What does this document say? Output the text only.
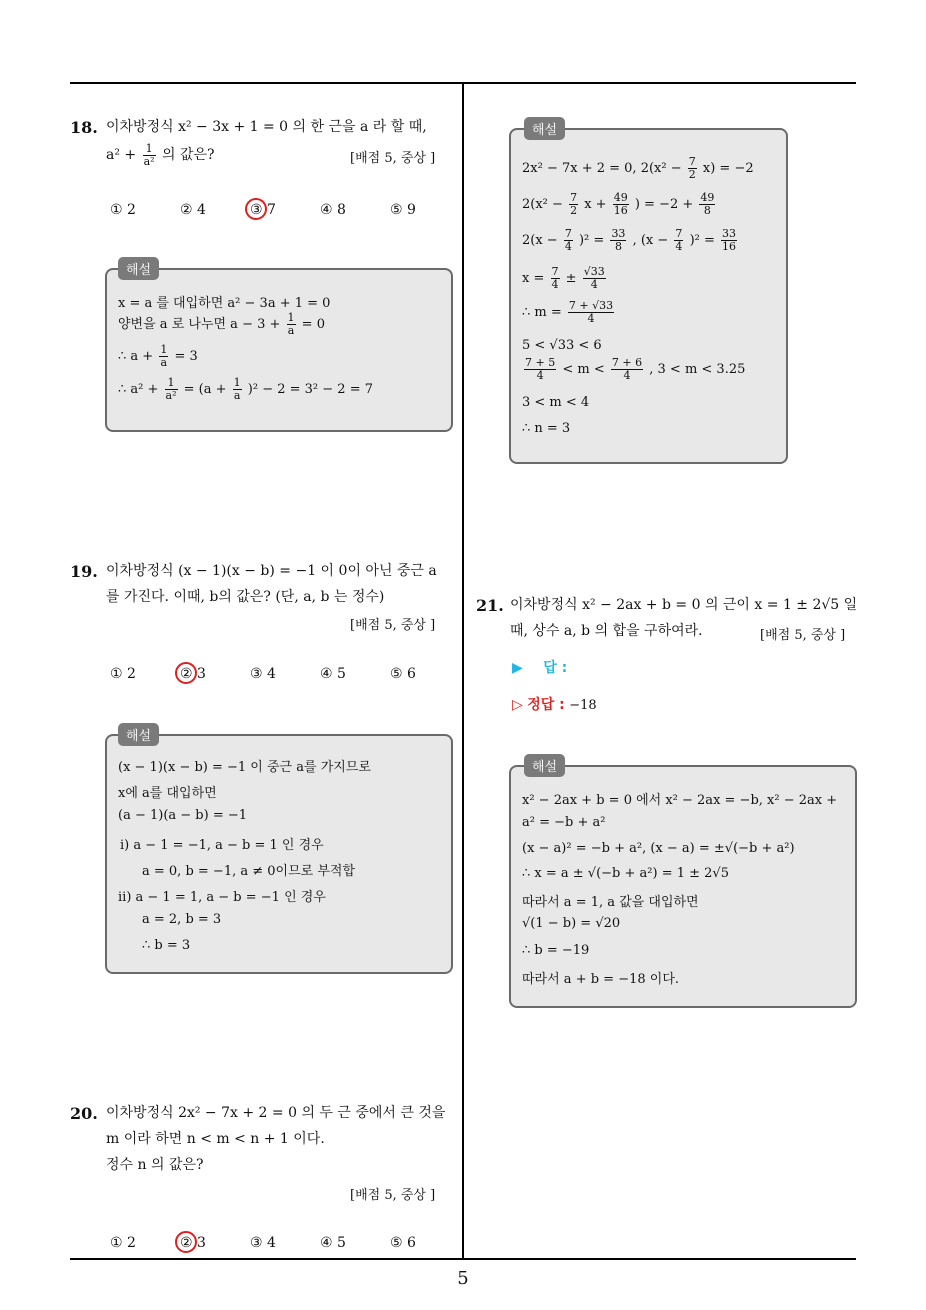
18. 이차방정식 x² − 3x + 1 = 0 의 한 근을 a 라 할 때,
$a^2 + \frac{1}{\text{a²}}$ 의 값은?	[배점 5, 중상 ]
① 2	② 4	③ 7	④ 8	⑤ 9
해설
x = a 를 대입하면 a² − 3a + 1 = 0
양변을 a 로 나누면 $a - 3 + \frac{1}{a} = 0$
∴ $a + \frac{1}{a} = 3$
∴ $a^2 + \frac{1}{\text{a²}} = (a + \frac{1}{a} )^2 - 2 = 3^2 - 2 = 7$
19. 이차방정식 (x − 1)(x − b) = −1 이 0이 아닌 중근 a
를 가진다. 이때, b의 값은? (단, a, b 는 정수)
[배점 5, 중상 ]
① 2	② 3	③ 4	④ 5	⑤ 6
해설
(x − 1)(x − b) = −1 이 중근 a를 가지므로
x에 a를 대입하면
(a − 1)(a − b) = −1
ⅰ) a − 1 = −1, a − b = 1 인 경우
a = 0, b = −1, a ≠ 0이므로 부적합
ⅱ) a − 1 = 1, a − b = −1 인 경우
a = 2, b = 3
∴ b = 3
20. 이차방정식 2x² − 7x + 2 = 0 의 두 근 중에서 큰 것을
m 이라 하면 n < m < n + 1 이다.
정수 n 의 값은?
[배점 5, 중상 ]
① 2	② 3	③ 4	④ 5	⑤ 6
해설
2x² − 7x + 2 = 0, $2(x^2 - \frac{7}{2} x) = -2$
$2(x^2 - \frac{7}{2}$ $x + \frac{49}{16}$ ) = $-2 + \frac{49}{8}$
$2(x - \frac{7}{4} )^2 = \frac{33}{8}$ , $(x - \frac{7}{4} )^2 = \frac{33}{16}$
$x = \frac{7}{4} \pm \frac{√33}{4}$
∴ $m = \frac{7 + √33}{4}$
5 < √33 < 6
$\frac{7 + 5}{4} < m < \frac{7 + 6}{4}$ , 3 < m < 3.25
3 < m < 4
∴ n = 3
21. 이차방정식 x² − 2ax + b = 0 의 근이 x = 1 ± 2√5 일
때, 상수 a, b 의 합을 구하여라.	[배점 5, 중상 ]
▶ 답 :
▷ 정답 : −18
해설
x² − 2ax + b = 0 에서 x² − 2ax = −b, x² − 2ax +
a² = −b + a²
(x − a)² = −b + a², (x − a) = ±√(−b + a²)
∴ x = a ± √(−b + a²) = 1 ± 2√5
따라서 a = 1, a 값을 대입하면
√(1 − b) = √20
∴ b = −19
따라서 a + b = −18 이다.
5
